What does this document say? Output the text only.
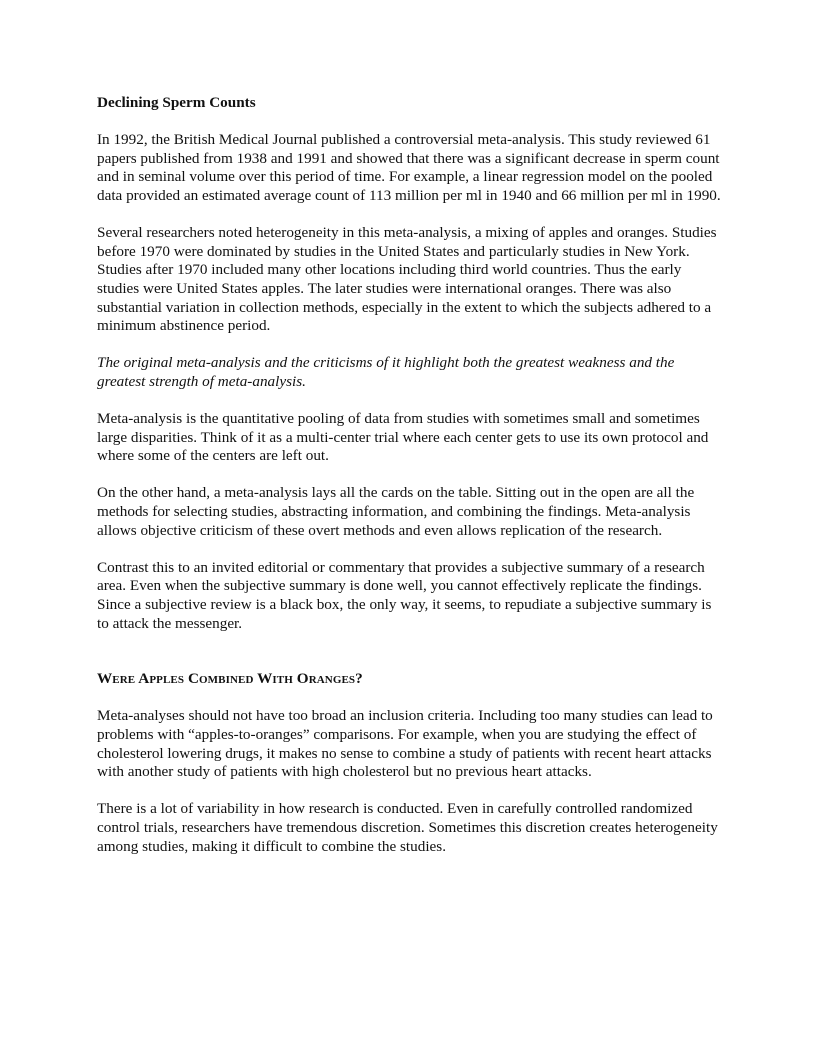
Declining Sperm Counts

In 1992, the British Medical Journal published a controversial meta-analysis. This study reviewed 61 papers published from 1938 and 1991 and showed that there was a significant decrease in sperm count and in seminal volume over this period of time. For example, a linear regression model on the pooled data provided an estimated average count of 113 million per ml in 1940 and 66 million per ml in 1990.

Several researchers noted heterogeneity in this meta-analysis, a mixing of apples and oranges. Studies before 1970 were dominated by studies in the United States and particularly studies in New York. Studies after 1970 included many other locations including third world countries. Thus the early studies were United States apples. The later studies were international oranges. There was also substantial variation in collection methods, especially in the extent to which the subjects adhered to a minimum abstinence period.

The original meta-analysis and the criticisms of it highlight both the greatest weakness and the greatest strength of meta-analysis.

Meta-analysis is the quantitative pooling of data from studies with sometimes small and sometimes large disparities. Think of it as a multi-center trial where each center gets to use its own protocol and where some of the centers are left out.

On the other hand, a meta-analysis lays all the cards on the table. Sitting out in the open are all the methods for selecting studies, abstracting information, and combining the findings. Meta-analysis allows objective criticism of these overt methods and even allows replication of the research.

Contrast this to an invited editorial or commentary that provides a subjective summary of a research area. Even when the subjective summary is done well, you cannot effectively replicate the findings. Since a subjective review is a black box, the only way, it seems, to repudiate a subjective summary is to attack the messenger.

Were Apples Combined With Oranges?

Meta-analyses should not have too broad an inclusion criteria. Including too many studies can lead to problems with “apples-to-oranges” comparisons. For example, when you are studying the effect of cholesterol lowering drugs, it makes no sense to combine a study of patients with recent heart attacks with another study of patients with high cholesterol but no previous heart attacks.

There is a lot of variability in how research is conducted. Even in carefully controlled randomized control trials, researchers have tremendous discretion. Sometimes this discretion creates heterogeneity among studies, making it difficult to combine the studies.
